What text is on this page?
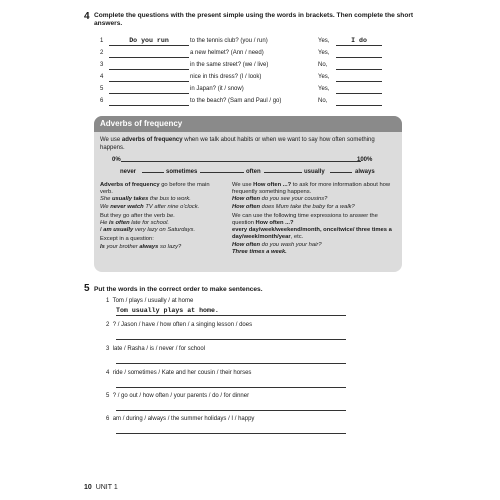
4 Complete the questions with the present simple using the words in brackets. Then complete the short answers.
1	Do you run	to the tennis club? (you / run)	Yes,	I do
2	a new helmet? (Ann / need)	Yes,
3	in the same street? (we / live)	No,
4	nice in this dress? (I / look)	Yes,
5	in Japan? (it / snow)	Yes,
6	to the beach? (Sam and Paul / go)	No,
Adverbs of frequency
We use adverbs of frequency when we talk about habits or when we want to say how often something happens.
0%	100%
never	sometimes	often	usually	always

Adverbs of frequency go before the main verb.

She usually takes the bus to work.
We never watch TV after nine o'clock.

But they go after the verb be.

He is often late for school.
I am usually very lazy on Saturdays.

Except in a question:

Is your brother always so lazy?

We use How often ...? to ask for more information about how frequently something happens.

How often do you see your cousins?
How often does Mum take the baby for a walk?

We can use the following time expressions to answer the question How often ...?
every day/week/weekend/month, once/twice/ three times a day/week/month/year, etc.

How often do you wash your hair?
Three times a week.

5 Put the words in the correct order to make sentences.
1 Tom / plays / usually / at home
Tom usually plays at home.
2 ? / Jason / have / how often / a singing lesson / does
3 late / Rasha / is / never / for school
4 ride / sometimes / Kate and her cousin / their horses
5 ? / go out / how often / your parents / do / for dinner
6 am / during / always / the summer holidays / I / happy
10 UNIT 1
